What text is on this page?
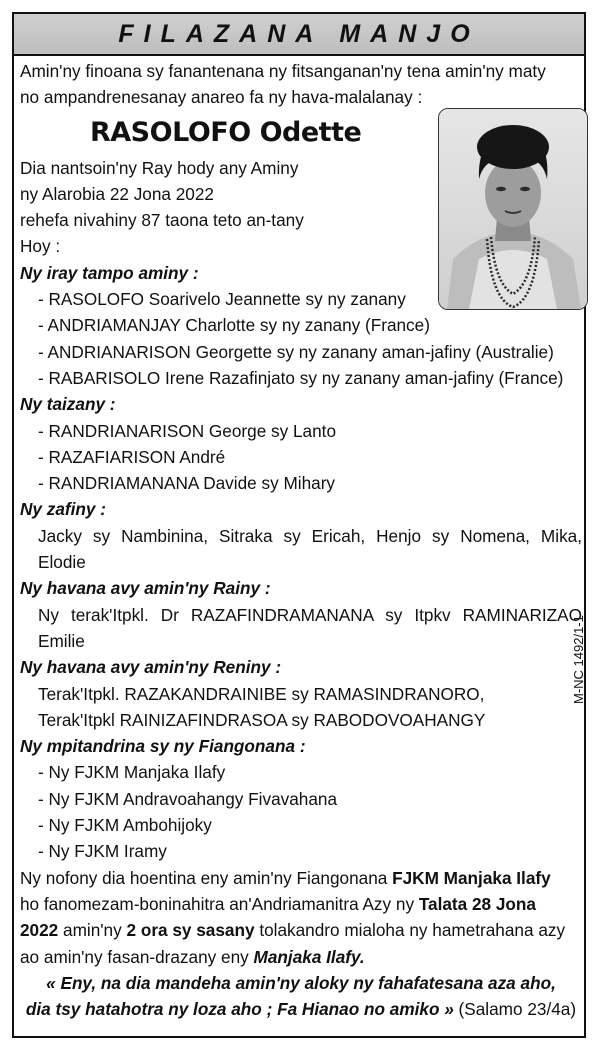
FILAZANA MANJO
Amin'ny finoana sy fanantenana ny fitsanganan'ny tena amin'ny maty
no ampandrenesanay anareo fa ny hava-malalanay :
RASOLOFO Odette
Dia nantsoin'ny Ray hody any Aminy
ny Alarobia 22 Jona 2022
rehefa nivahiny 87 taona teto an-tany
Hoy :
Ny iray tampo aminy :
- RASOLOFO Soarivelo Jeannette sy ny zanany
- ANDRIAMANJAY Charlotte sy ny zanany (France)
- ANDRIANARISON Georgette sy ny zanany aman-jafiny (Australie)
- RABARISOLO Irene Razafinjato sy ny zanany aman-jafiny (France)
Ny taizany :
- RANDRIANARISON George sy Lanto
- RAZAFIARISON André
- RANDRIAMANANA Davide sy Mihary
Ny zafiny :
Jacky sy Nambinina, Sitraka sy Ericah, Henjo sy Nomena, Mika,
Elodie
Ny havana avy amin'ny Rainy :
Ny terak'Itpkl. Dr RAZAFINDRAMANANA sy Itpkv RAMINARIZAO
Emilie
Ny havana avy amin'ny Reniny :
Terak'Itpkl. RAZAKANDRAINIBE sy RAMASINDRANORO,
Terak'Itpkl RAINIZAFINDRASOA sy RABODOVOAHANGY
Ny mpitandrina sy ny Fiangonana :
- Ny FJKM Manjaka Ilafy
- Ny FJKM Andravoahangy Fivavahana
- Ny FJKM Ambohijoky
- Ny FJKM Iramy
Ny nofony dia hoentina eny amin'ny Fiangonana FJKM Manjaka Ilafy
ho fanomezam-boninahitra an'Andriamanitra Azy ny Talata 28 Jona
2022 amin'ny 2 ora sy sasany tolakandro mialoha ny hametrahana azy
ao amin'ny fasan-drazany eny Manjaka Ilafy.
« Eny, na dia mandeha amin'ny aloky ny fahafatesana aza aho,
dia tsy hatahotra ny loza aho ; Fa Hianao no amiko » (Salamo 23/4a)
M-NC 1492/1-1
